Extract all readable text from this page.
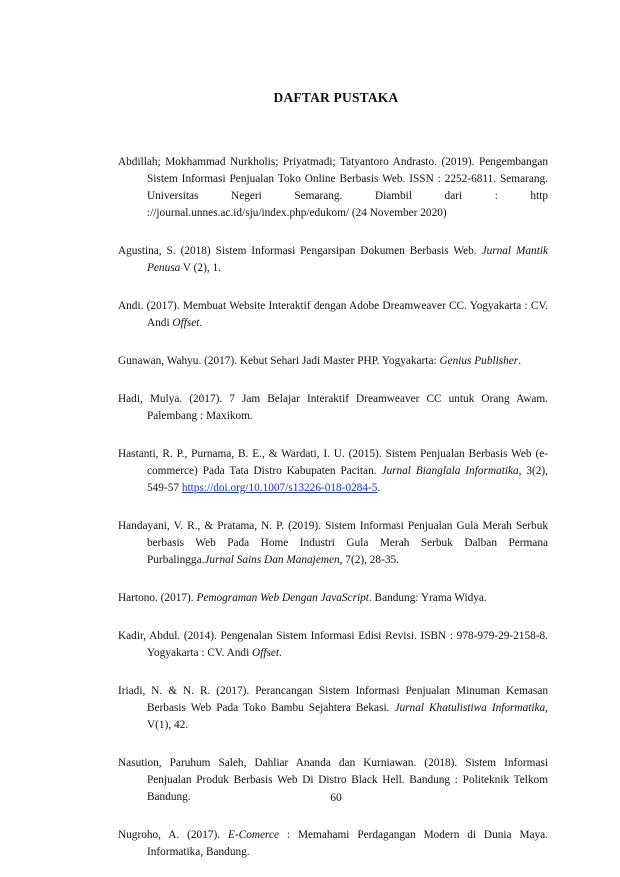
DAFTAR PUSTAKA

Abdillah; Mokhammad Nurkholis; Priyatmadi; Tatyantoro Andrasto. (2019). Pengembangan Sistem Informasi Penjualan Toko Online Berbasis Web. ISSN : 2252-6811. Semarang. Universitas Negeri Semarang. Diambil dari : http ://journal.unnes.ac.id/sju/index.php/edukom/ (24 November 2020)

Agustina, S. (2018) Sistem Informasi Pengarsipan Dokumen Berbasis Web. Jurnal Mantik Penusa V (2), 1.

Andi. (2017). Membuat Website Interaktif dengan Adobe Dreamweaver CC. Yogyakarta : CV. Andi Offset.

Gunawan, Wahyu. (2017). Kebut Sehari Jadi Master PHP. Yogyakarta: Genius Publisher.

Hadi, Mulya. (2017). 7 Jam Belajar Interaktif Dreamweaver CC untuk Orang Awam. Palembang : Maxikom.

Hastanti, R. P., Purnama, B. E., & Wardati, I. U. (2015). Sistem Penjualan Berbasis Web (e-commerce) Pada Tata Distro Kabupaten Pacitan. Jurnal Bianglala Informatika, 3(2), 549-57 https://doi.org/10.1007/s13226-018-0284-5.

Handayani, V. R., & Pratama, N. P. (2019). Sistem Informasi Penjualan Gula Merah Serbuk berbasis Web Pada Home Industri Gula Merah Serbuk Dalban Permana Purbalingga.Jurnal Sains Dan Manajemen, 7(2), 28-35.

Hartono. (2017). Pemograman Web Dengan JavaScript. Bandung: Yrama Widya.

Kadir, Abdul. (2014). Pengenalan Sistem Informasi Edisi Revisi. ISBN : 978-979-29-2158-8. Yogyakarta : CV. Andi Offset.

Iriadi, N. & N. R. (2017). Perancangan Sistem Informasi Penjualan Minuman Kemasan Berbasis Web Pada Toko Bambu Sejahtera Bekasi. Jurnal Khatulistiwa Informatika, V(1), 42.

Nasution, Paruhum Saleh, Dahliar Ananda dan Kurniawan. (2018). Sistem Informasi Penjualan Produk Berbasis Web Di Distro Black Hell. Bandung : Politeknik Telkom Bandung.

Nugroho, A. (2017). E-Comerce : Memahami Perdagangan Modern di Dunia Maya. Informatika, Bandung.

60
